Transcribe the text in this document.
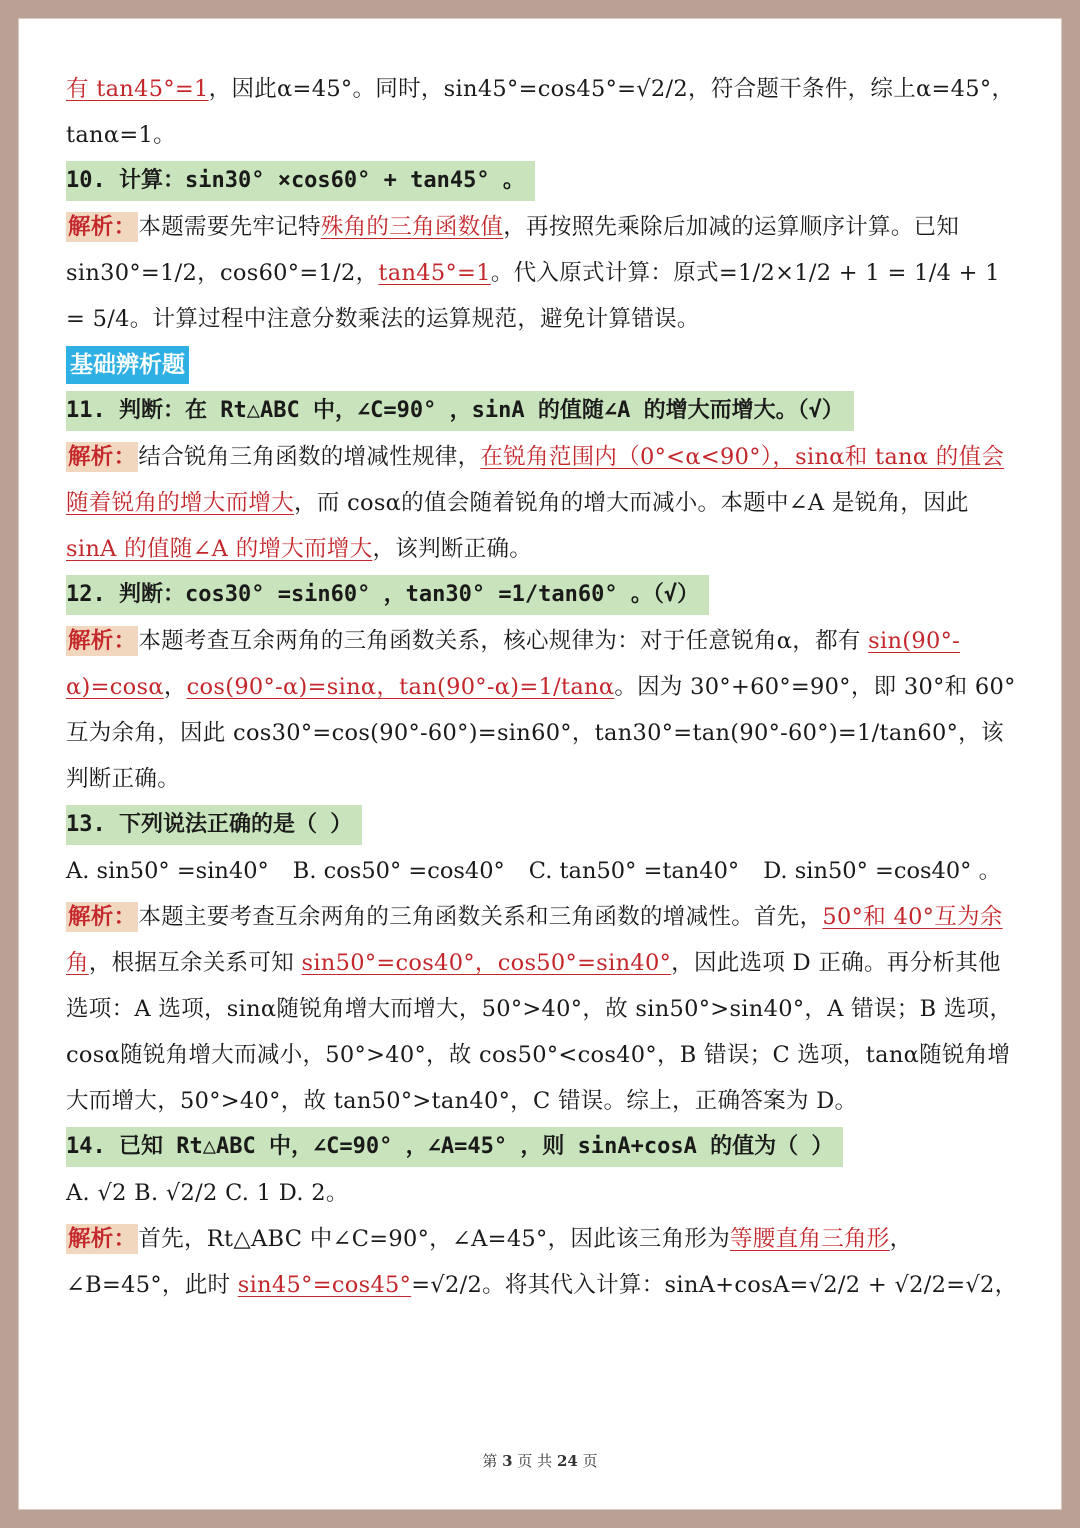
有 tan45°=1，因此α=45°。同时，sin45°=cos45°=√2/2，符合题干条件，综上α=45°，tanα=1。

10. 计算：sin30° ×cos60° + tan45° 。

解析：本题需要先牢记特殊角的三角函数值，再按照先乘除后加减的运算顺序计算。已知 sin30°=1/2，cos60°=1/2，tan45°=1。代入原式计算：原式=1/2×1/2 + 1 = 1/4 + 1 = 5/4。计算过程中注意分数乘法的运算规范，避免计算错误。

基础辨析题
11. 判断：在 Rt△ABC 中，∠C=90° ，sinA 的值随∠A 的增大而增大。（√）

解析：结合锐角三角函数的增减性规律，在锐角范围内（0°<α<90°），sinα和 tanα 的值会随着锐角的增大而增大，而 cosα的值会随着锐角的增大而减小。本题中∠A 是锐角，因此 sinA 的值随∠A 的增大而增大，该判断正确。

12. 判断：cos30° =sin60° ，tan30° =1/tan60° 。（√）

解析：本题考查互余两角的三角函数关系，核心规律为：对于任意锐角α，都有 sin(90°-α)=cosα，cos(90°-α)=sinα，tan(90°-α)=1/tanα。因为 30°+60°=90°，即 30°和 60°互为余角，因此 cos30°=cos(90°-60°)=sin60°，tan30°=tan(90°-60°)=1/tan60°，该判断正确。

13. 下列说法正确的是（ ）
A. sin50° =sin40° B. cos50° =cos40° C. tan50° =tan40° D. sin50° =cos40° 。

解析：本题主要考查互余两角的三角函数关系和三角函数的增减性。首先，50°和 40°互为余角，根据互余关系可知 sin50°=cos40°，cos50°=sin40°，因此选项 D 正确。再分析其他选项：A 选项，sinα随锐角增大而增大，50°>40°，故 sin50°>sin40°，A 错误；B 选项，cosα随锐角增大而减小，50°>40°，故 cos50°<cos40°，B 错误；C 选项，tanα随锐角增大而增大，50°>40°，故 tan50°>tan40°，C 错误。综上，正确答案为 D。

14. 已知 Rt△ABC 中，∠C=90° ，∠A=45° ，则 sinA+cosA 的值为（ ）

A. √2 B. √2/2 C. 1 D. 2。

解析：首先，Rt△ABC 中∠C=90°，∠A=45°，因此该三角形为等腰直角三角形，∠B=45°，此时 sin45°=cos45°=√2/2。将其代入计算：sinA+cosA=√2/2 + √2/2=√2，

第 3 页 共 24 页
